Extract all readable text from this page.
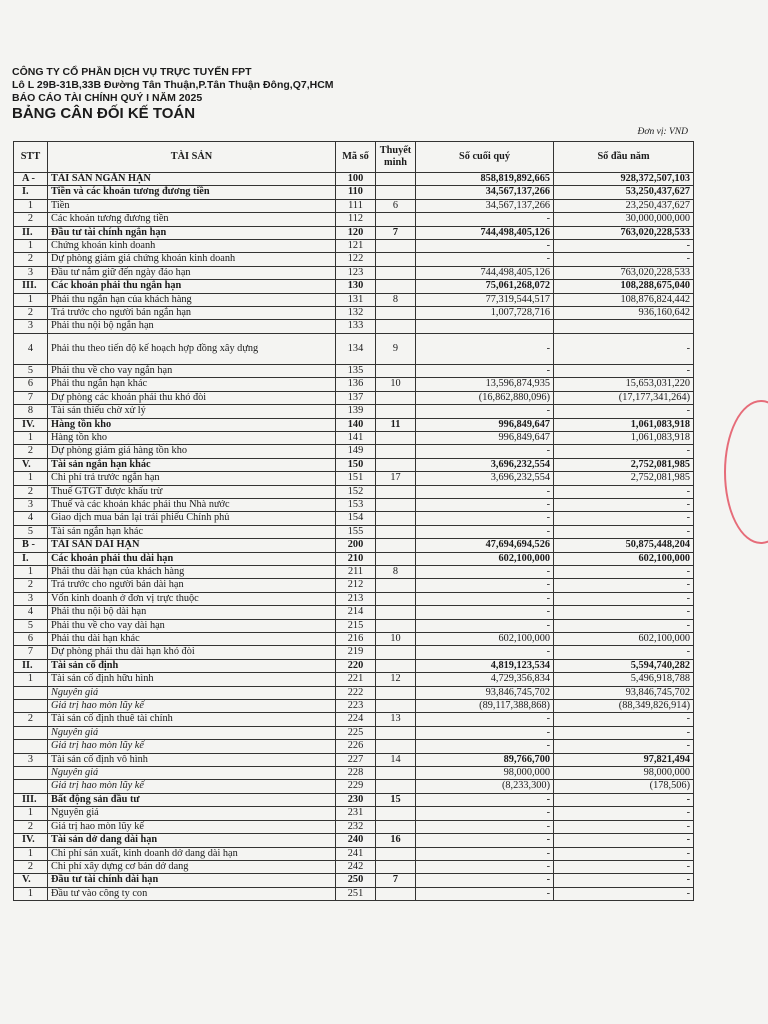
CÔNG TY CỔ PHẦN DỊCH VỤ TRỰC TUYẾN FPT
Lô L 29B-31B,33B Đường Tân Thuận,P.Tân Thuận Đông,Q7,HCM
BÁO CÁO TÀI CHÍNH QUÝ I NĂM 2025
BẢNG CÂN ĐỐI KẾ TOÁN
Đơn vị: VND
STT	TÀI SẢN	Mã số	Thuyết minh	Số cuối quý	Số đầu năm
A -	TÀI SẢN NGẮN HẠN	100		858,819,892,665	928,372,507,103
I.	Tiền và các khoản tương đương tiền	110		34,567,137,266	53,250,437,627
1	Tiền	111	6	34,567,137,266	23,250,437,627
2	Các khoản tương đương tiền	112		-	30,000,000,000
II.	Đầu tư tài chính ngắn hạn	120	7	744,498,405,126	763,020,228,533
1	Chứng khoán kinh doanh	121		-	-
2	Dự phòng giảm giá chứng khoán kinh doanh	122		-	-
3	Đầu tư nắm giữ đến ngày đáo hạn	123		744,498,405,126	763,020,228,533
III.	Các khoản phải thu ngắn hạn	130		75,061,268,072	108,288,675,040
1	Phải thu ngắn hạn của khách hàng	131	8	77,319,544,517	108,876,824,442
2	Trả trước cho người bán ngắn hạn	132		1,007,728,716	936,160,642
3	Phải thu nội bộ ngắn hạn	133			
4	Phải thu theo tiến độ kế hoạch hợp đồng xây dựng	134	9	-	-
5	Phải thu về cho vay ngắn hạn	135		-	-
6	Phải thu ngắn hạn khác	136	10	13,596,874,935	15,653,031,220
7	Dự phòng các khoản phải thu khó đòi	137		(16,862,880,096)	(17,177,341,264)
8	Tài sản thiếu chờ xử lý	139		-	-
IV.	Hàng tồn kho	140	11	996,849,647	1,061,083,918
1	Hàng tồn kho	141		996,849,647	1,061,083,918
2	Dự phòng giảm giá hàng tồn kho	149		-	-
V.	Tài sản ngắn hạn khác	150		3,696,232,554	2,752,081,985
1	Chi phí trả trước ngắn hạn	151	17	3,696,232,554	2,752,081,985
2	Thuế GTGT được khấu trừ	152		-	-
3	Thuế và các khoản khác phải thu Nhà nước	153		-	-
4	Giao dịch mua bán lại trái phiếu Chính phủ	154		-	-
5	Tài sản ngắn hạn khác	155		-	-
B -	TÀI SẢN DÀI HẠN	200		47,694,694,526	50,875,448,204
I.	Các khoản phải thu dài hạn	210		602,100,000	602,100,000
1	Phải thu dài hạn của khách hàng	211	8	-	-
2	Trả trước cho người bán dài hạn	212		-	-
3	Vốn kinh doanh ở đơn vị trực thuộc	213		-	-
4	Phải thu nội bộ dài hạn	214		-	-
5	Phải thu về cho vay dài hạn	215		-	-
6	Phải thu dài hạn khác	216	10	602,100,000	602,100,000
7	Dự phòng phải thu dài hạn khó đòi	219		-	-
II.	Tài sản cố định	220		4,819,123,534	5,594,740,282
1	Tài sản cố định hữu hình	221	12	4,729,356,834	5,496,918,788
	Nguyên giá	222		93,846,745,702	93,846,745,702
	Giá trị hao mòn lũy kế	223		(89,117,388,868)	(88,349,826,914)
2	Tài sản cố định thuê tài chính	224	13	-	-
	Nguyên giá	225		-	-
	Giá trị hao mòn lũy kế	226		-	-
3	Tài sản cố định vô hình	227	14	89,766,700	97,821,494
	Nguyên giá	228		98,000,000	98,000,000
	Giá trị hao mòn lũy kế	229		(8,233,300)	(178,506)
III.	Bất động sản đầu tư	230	15	-	-
1	Nguyên giá	231		-	-
2	Giá trị hao mòn lũy kế	232		-	-
IV.	Tài sản dở dang dài hạn	240	16	-	-
1	Chi phí sản xuất, kinh doanh dở dang dài hạn	241		-	-
2	Chi phí xây dựng cơ bản dở dang	242		-	-
V.	Đầu tư tài chính dài hạn	250	7	-	-
1	Đầu tư vào công ty con	251		-	-
